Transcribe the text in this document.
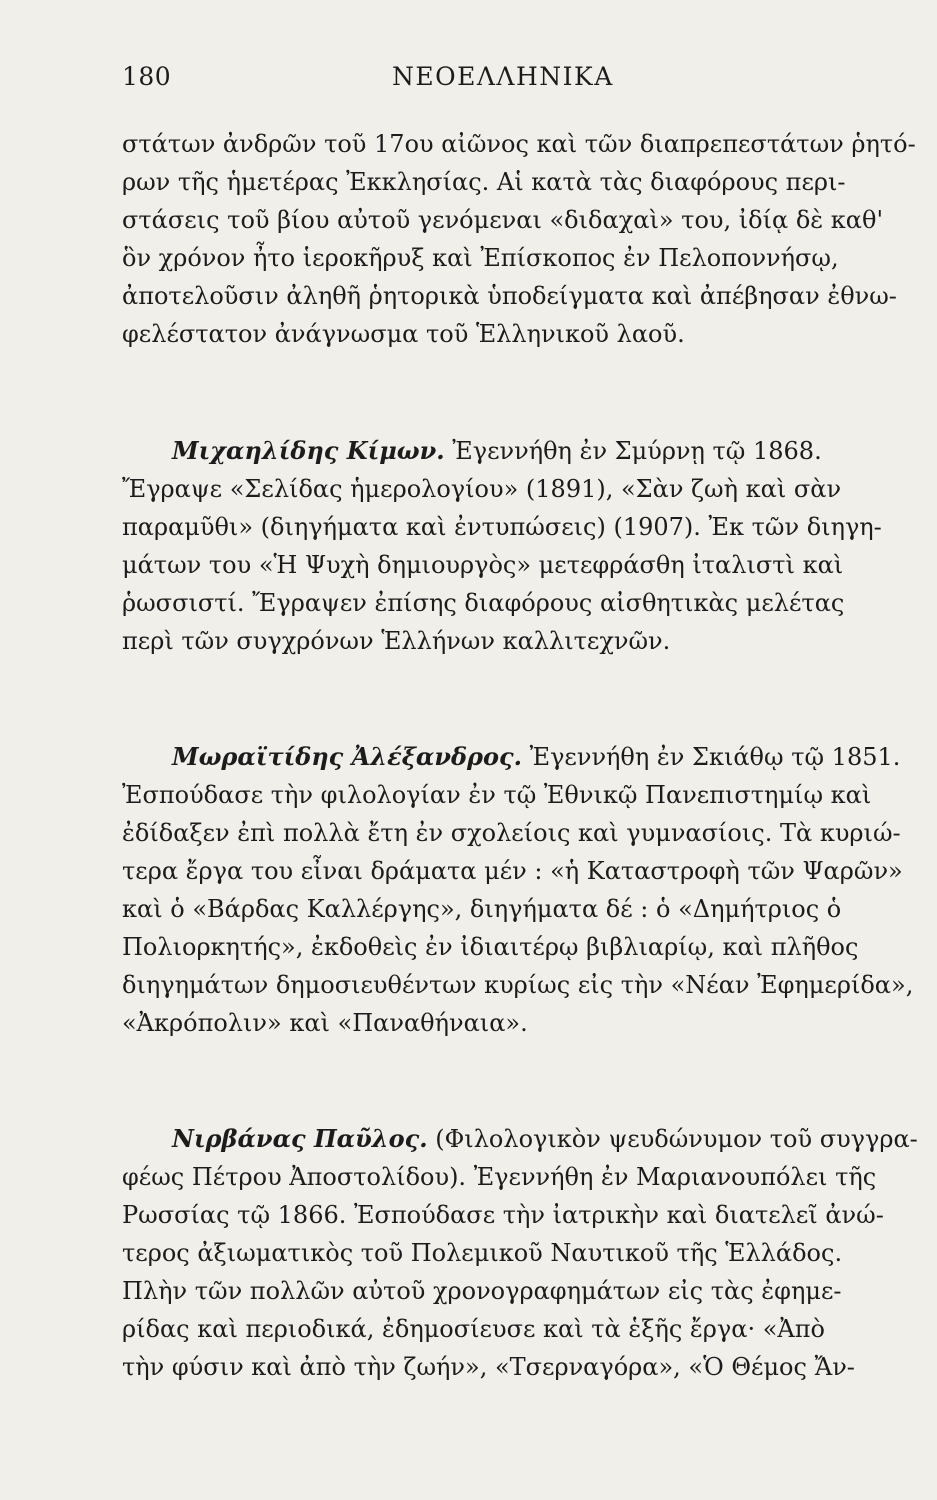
180	ΝΕΟΕΛΛΗΝΙΚΑ
στάτων ἀνδρῶν τοῦ 17ου αἰῶνος καὶ τῶν διαπρεπεστάτων ῥητό-
ρων τῆς ἡμετέρας Ἐκκλησίας. Αἱ κατὰ τὰς διαφόρους περι-
στάσεις τοῦ βίου αὐτοῦ γενόμεναι «διδαχαὶ» του, ἰδίᾳ δὲ καθ'
ὃν χρόνον ἦτο ἱεροκῆρυξ καὶ Ἐπίσκοπος ἐν Πελοποννήσῳ,
ἀποτελοῦσιν ἀληθῆ ῥητορικὰ ὑποδείγματα καὶ ἀπέβησαν ἐθνω-
φελέστατον ἀνάγνωσμα τοῦ Ἑλληνικοῦ λαοῦ.
Μιχαηλίδης Κίμων. Ἐγεννήθη ἐν Σμύρνῃ τῷ 1868.
Ἔγραψε «Σελίδας ἡμερολογίου» (1891), «Σὰν ζωὴ καὶ σὰν
παραμῦθι» (διηγήματα καὶ ἐντυπώσεις) (1907). Ἐκ τῶν διηγη-
μάτων του «Ἡ Ψυχὴ δημιουργὸς» μετεφράσθη ἰταλιστὶ καὶ
ῥωσσιστί. Ἔγραψεν ἐπίσης διαφόρους αἰσθητικὰς μελέτας
περὶ τῶν συγχρόνων Ἑλλήνων καλλιτεχνῶν.
Μωραϊτίδης Ἀλέξανδρος. Ἐγεννήθη ἐν Σκιάθῳ τῷ 1851.
Ἐσπούδασε τὴν φιλολογίαν ἐν τῷ Ἐθνικῷ Πανεπιστημίῳ καὶ
ἐδίδαξεν ἐπὶ πολλὰ ἔτη ἐν σχολείοις καὶ γυμνασίοις. Τὰ κυριώ-
τερα ἔργα του εἶναι δράματα μέν : «ἡ Καταστροφὴ τῶν Ψαρῶν»
καὶ ὁ «Βάρδας Καλλέργης», διηγήματα δέ : ὁ «Δημήτριος ὁ
Πολιορκητής», ἐκδοθεὶς ἐν ἰδιαιτέρῳ βιβλιαρίῳ, καὶ πλῆθος
διηγημάτων δημοσιευθέντων κυρίως εἰς τὴν «Νέαν Ἐφημερίδα»,
«Ἀκρόπολιν» καὶ «Παναθήναια».
Νιρβάνας Παῦλος. (Φιλολογικὸν ψευδώνυμον τοῦ συγγρα-
φέως Πέτρου Ἀποστολίδου). Ἐγεννήθη ἐν Μαριανουπόλει τῆς
Ρωσσίας τῷ 1866. Ἐσπούδασε τὴν ἰατρικὴν καὶ διατελεῖ ἀνώ-
τερος ἀξιωματικὸς τοῦ Πολεμικοῦ Ναυτικοῦ τῆς Ἑλλάδος.
Πλὴν τῶν πολλῶν αὐτοῦ χρονογραφημάτων εἰς τὰς ἐφημε-
ρίδας καὶ περιοδικά, ἐδημοσίευσε καὶ τὰ ἑξῆς ἔργα· «Ἀπὸ
τὴν φύσιν καὶ ἀπὸ τὴν ζωήν», «Τσερναγόρα», «Ὁ Θέμος Ἄν-
